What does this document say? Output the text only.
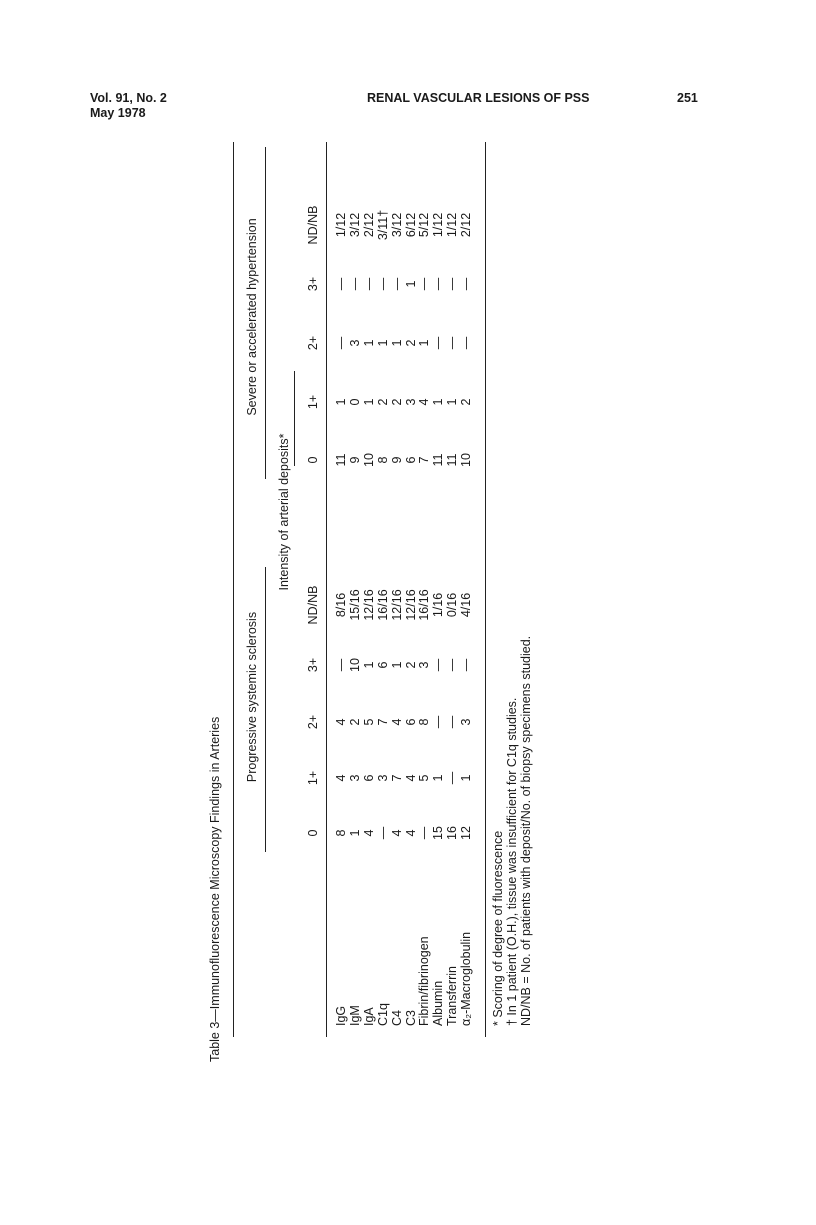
Vol. 91, No. 2
May 1978
RENAL VASCULAR LESIONS OF PSS	251
Table 3—Immunofluorescence Microscopy Findings in Arteries
Progressive systemic sclerosis
Severe or accelerated hypertension
Intensity of arterial deposits*
0
1+
2+
3+
ND/NB
0
1+
2+
3+
ND/NB
IgG
8
4
4
—
8/16
11
1
—
—
1/12
IgM
1
3
2
10
15/16
9
0
3
—
3/12
IgA
4
6
5
1
12/16
10
1
1
—
2/12
C1q
—
3
7
6
16/16
8
2
1
—
3/11†
C4
4
7
4
1
12/16
9
2
1
—
3/12
C3
4
4
6
2
12/16
6
3
2
1
6/12
Fibrin/fibrinogen
—
5
8
3
16/16
7
4
1
—
5/12
Albumin
15
1
—
—
1/16
11
1
—
—
1/12
Transferrin
16
—
—
—
0/16
11
1
—
—
1/12
α₂-Macroglobulin
12
1
3
—
4/16
10
2
—
—
2/12
* Scoring of degree of fluorescence † In 1 patient (O.H.), tissue was insufficient for C1q studies. ND/NB = No. of patients with deposit/No. of biopsy specimens studied.
